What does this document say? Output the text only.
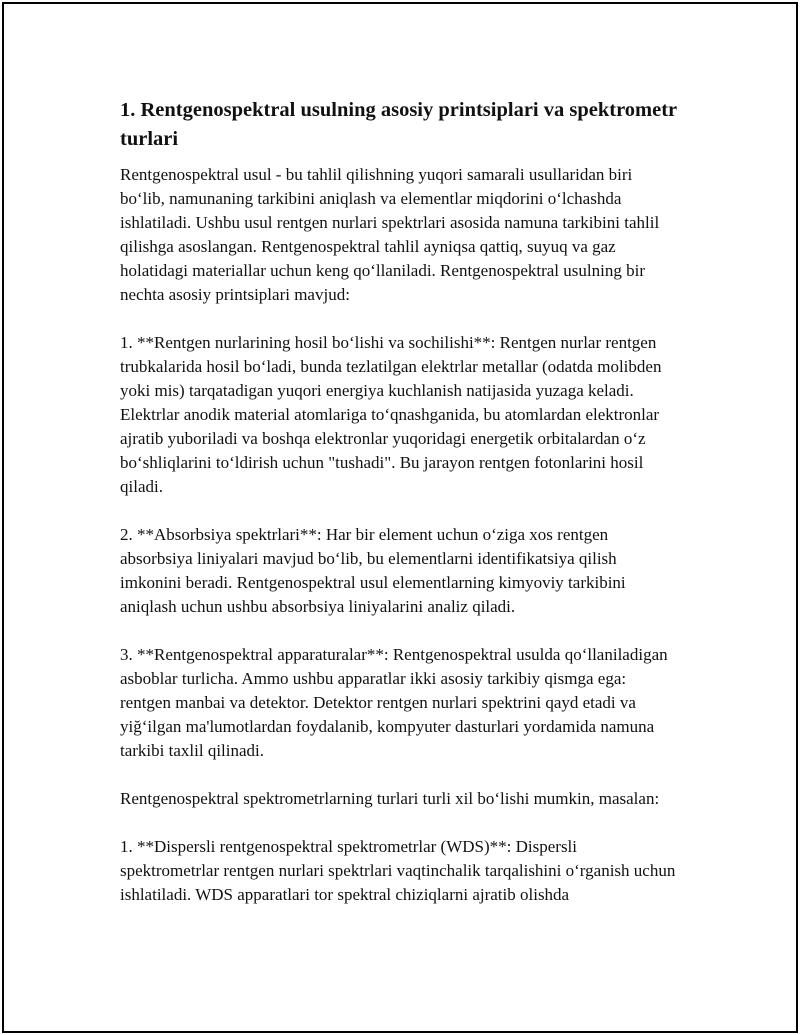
1. Rentgenospektral usulning asosiy printsiplari va spektrometr turlari

Rentgenospektral usul - bu tahlil qilishning yuqori samarali usullaridan biri bo‘lib, namunaning tarkibini aniqlash va elementlar miqdorini o‘lchashda ishlatiladi. Ushbu usul rentgen nurlari spektrlari asosida namuna tarkibini tahlil qilishga asoslangan. Rentgenospektral tahlil ayniqsa qattiq, suyuq va gaz holatidagi materiallar uchun keng qo‘llaniladi. Rentgenospektral usulning bir nechta asosiy printsiplari mavjud:

1. **Rentgen nurlarining hosil bo‘lishi va sochilishi**: Rentgen nurlar rentgen trubkalarida hosil bo‘ladi, bunda tezlatilgan elektrlar metallar (odatda molibden yoki mis) tarqatadigan yuqori energiya kuchlanish natijasida yuzaga keladi. Elektrlar anodik material atomlariga to‘qnashganida, bu atomlardan elektronlar ajratib yuboriladi va boshqa elektronlar yuqoridagi energetik orbitalardan o‘z bo‘shliqlarini to‘ldirish uchun "tushadi". Bu jarayon rentgen fotonlarini hosil qiladi.

2. **Absorbsiya spektrlari**: Har bir element uchun o‘ziga xos rentgen absorbsiya liniyalari mavjud bo‘lib, bu elementlarni identifikatsiya qilish imkonini beradi. Rentgenospektral usul elementlarning kimyoviy tarkibini aniqlash uchun ushbu absorbsiya liniyalarini analiz qiladi.

3. **Rentgenospektral apparaturalar**: Rentgenospektral usulda qo‘llaniladigan asboblar turlicha. Ammo ushbu apparatlar ikki asosiy tarkibiy qismga ega: rentgen manbai va detektor. Detektor rentgen nurlari spektrini qayd etadi va yiğ‘ilgan ma'lumotlardan foydalanib, kompyuter dasturlari yordamida namuna tarkibi taxlil qilinadi.

Rentgenospektral spektrometrlarning turlari turli xil bo‘lishi mumkin, masalan:

1. **Dispersli rentgenospektral spektrometrlar (WDS)**: Dispersli spektrometrlar rentgen nurlari spektrlari vaqtinchalik tarqalishini o‘rganish uchun ishlatiladi. WDS apparatlari tor spektral chiziqlarni ajratib olishda
